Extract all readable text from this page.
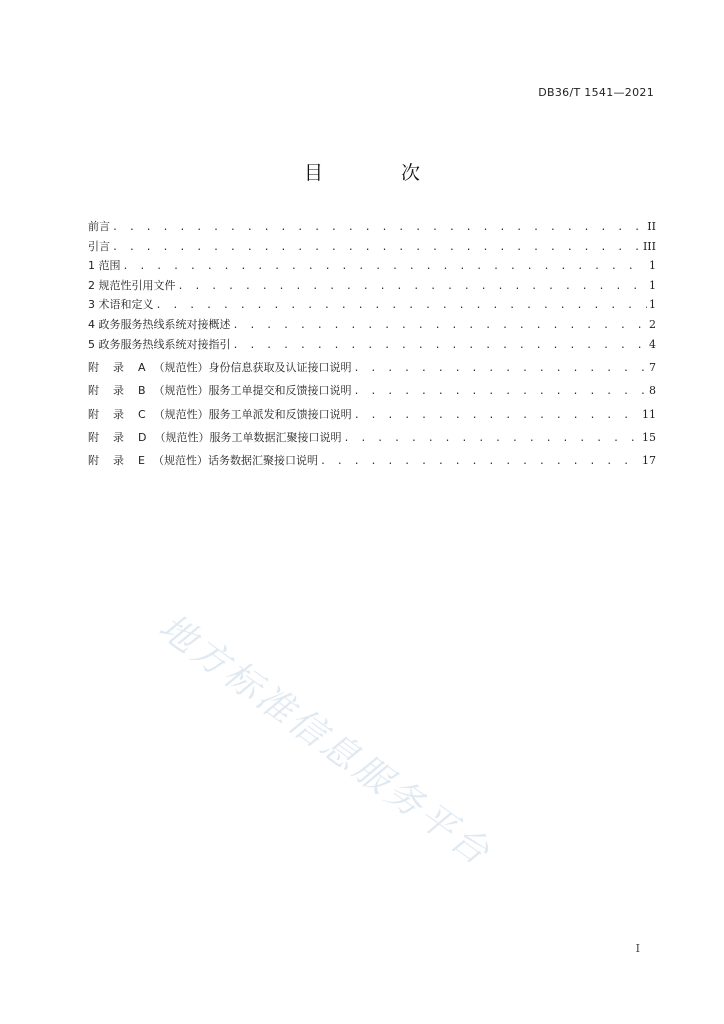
DB36/T 1541—2021
目 次
前言 . . .	II
引言 . . .	III
1 范围 . . .	1
2 规范性引用文件 . . .	1
3 术语和定义 . . .	1
4 政务服务热线系统对接概述 . . .	2
5 政务服务热线系统对接指引 . . .	4
附录A （规范性）身份信息获取及认证接口说明 . . .	7
附录B （规范性）服务工单提交和反馈接口说明 . . .	8
附录C （规范性）服务工单派发和反馈接口说明 . . .	11
附录D （规范性）服务工单数据汇聚接口说明 . . .	15
附录E （规范性）话务数据汇聚接口说明 . . .	17
地方标准信息服务平台
I
